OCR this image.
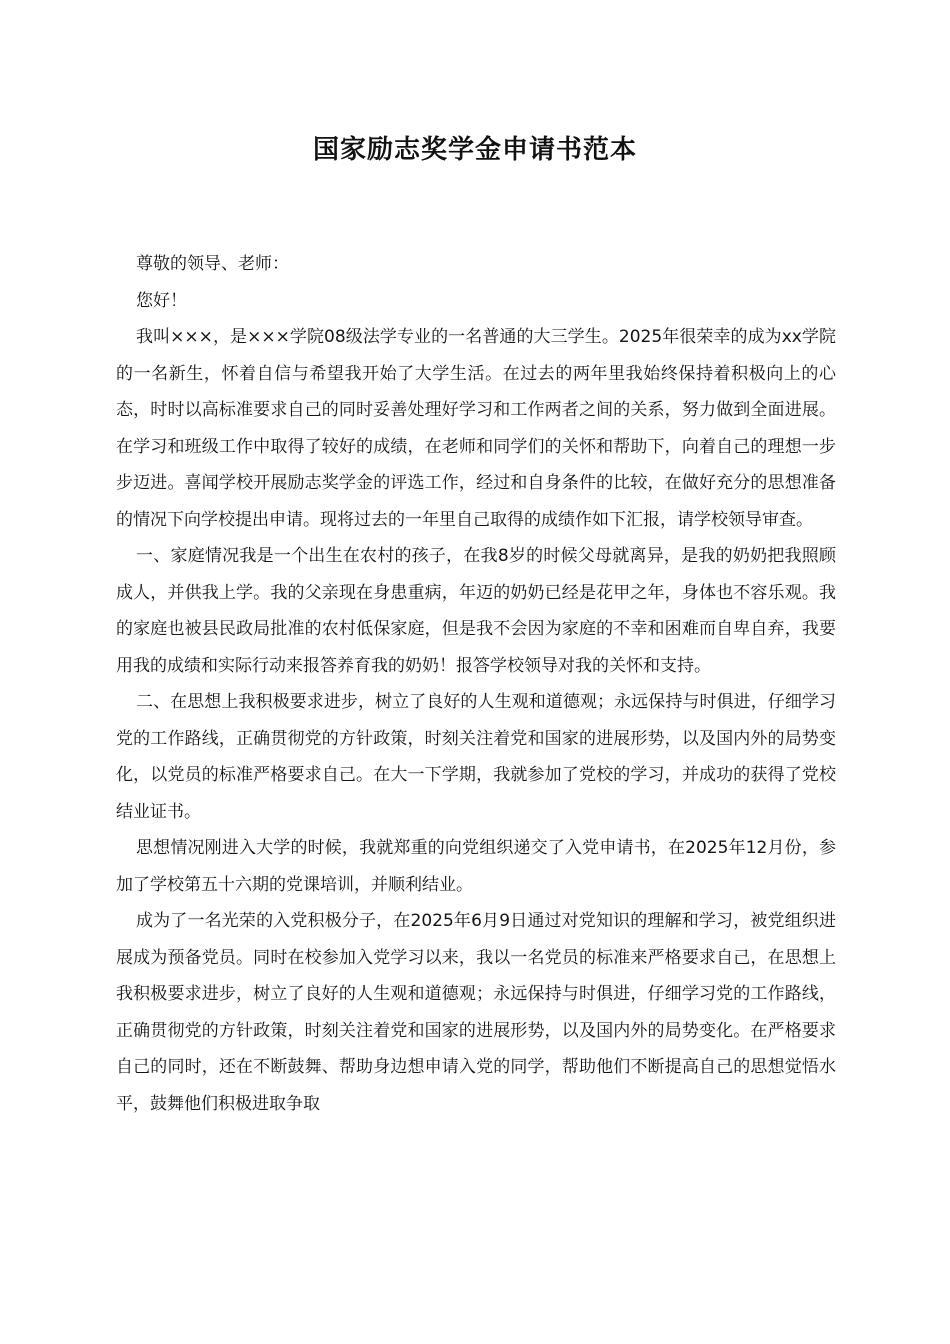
国家励志奖学金申请书范本

尊敬的领导、老师：

您好！

我叫×××，是×××学院08级法学专业的一名普通的大三学生。2025年很荣幸的成为xx学院的一名新生，怀着自信与希望我开始了大学生活。在过去的两年里我始终保持着积极向上的心态，时时以高标准要求自己的同时妥善处理好学习和工作两者之间的关系，努力做到全面进展。在学习和班级工作中取得了较好的成绩，在老师和同学们的关怀和帮助下，向着自己的理想一步步迈进。喜闻学校开展励志奖学金的评选工作，经过和自身条件的比较，在做好充分的思想准备的情况下向学校提出申请。现将过去的一年里自己取得的成绩作如下汇报，请学校领导审查。

一、家庭情况我是一个出生在农村的孩子，在我8岁的时候父母就离异，是我的奶奶把我照顾成人，并供我上学。我的父亲现在身患重病，年迈的奶奶已经是花甲之年，身体也不容乐观。我的家庭也被县民政局批准的农村低保家庭，但是我不会因为家庭的不幸和困难而自卑自弃，我要用我的成绩和实际行动来报答养育我的奶奶！报答学校领导对我的关怀和支持。

二、在思想上我积极要求进步，树立了良好的人生观和道德观；永远保持与时俱进，仔细学习党的工作路线，正确贯彻党的方针政策，时刻关注着党和国家的进展形势，以及国内外的局势变化，以党员的标准严格要求自己。在大一下学期，我就参加了党校的学习，并成功的获得了党校结业证书。

思想情况刚进入大学的时候，我就郑重的向党组织递交了入党申请书，在2025年12月份，参加了学校第五十六期的党课培训，并顺利结业。

成为了一名光荣的入党积极分子，在2025年6月9日通过对党知识的理解和学习，被党组织进展成为预备党员。同时在校参加入党学习以来，我以一名党员的标准来严格要求自己，在思想上我积极要求进步，树立了良好的人生观和道德观；永远保持与时俱进，仔细学习党的工作路线，正确贯彻党的方针政策，时刻关注着党和国家的进展形势，以及国内外的局势变化。在严格要求自己的同时，还在不断鼓舞、帮助身边想申请入党的同学，帮助他们不断提高自己的思想觉悟水平，鼓舞他们积极进取争取
